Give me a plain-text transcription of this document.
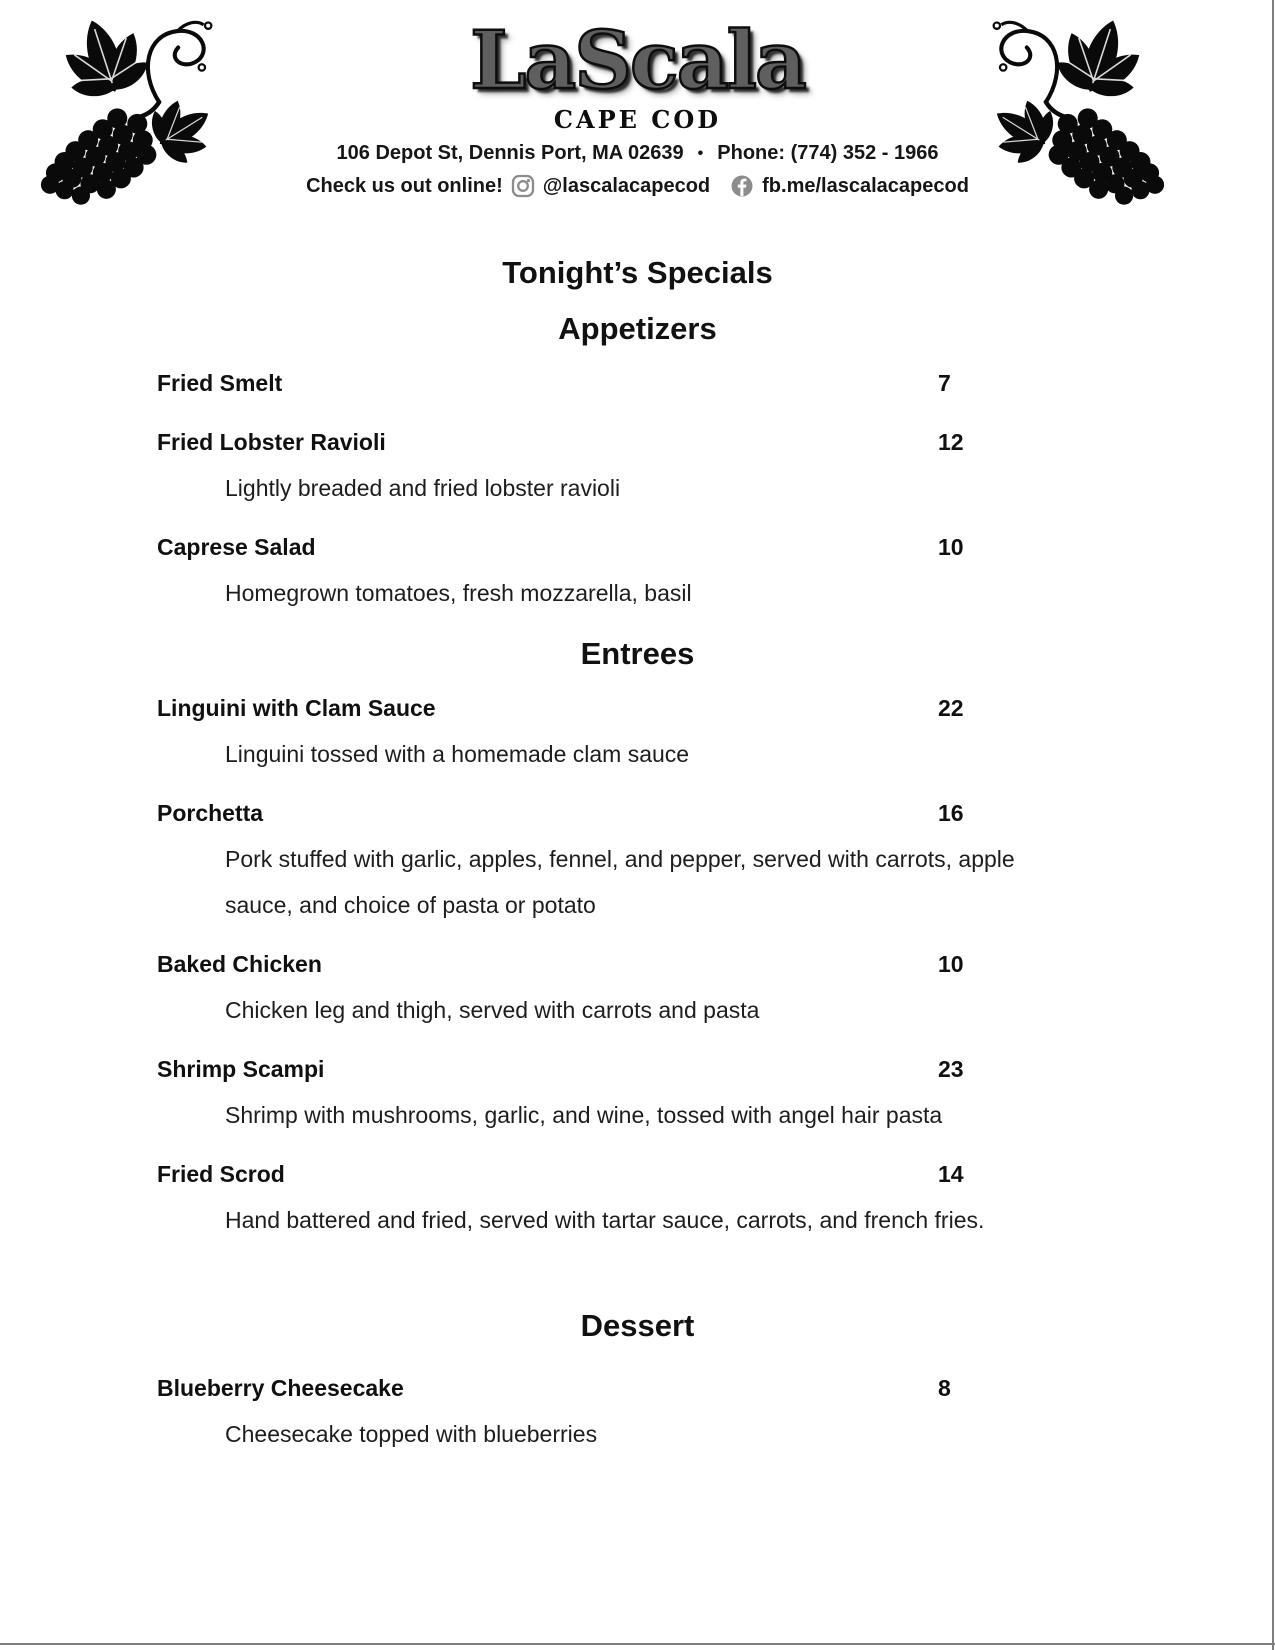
LaScala
CAPE COD
106 Depot St, Dennis Port, MA 02639 • Phone: (774) 352 - 1966
Check us out online! @lascalacapecod	fb.me/lascalacapecod
Tonight’s Specials
Appetizers
Fried Smelt	7
Fried Lobster Ravioli	12
Lightly breaded and fried lobster ravioli
Caprese Salad	10
Homegrown tomatoes, fresh mozzarella, basil
Entrees
Linguini with Clam Sauce	22
Linguini tossed with a homemade clam sauce
Porchetta	16
Pork stuffed with garlic, apples, fennel, and pepper, served with carrots, apple sauce, and choice of pasta or potato
Baked Chicken	10
Chicken leg and thigh, served with carrots and pasta
Shrimp Scampi	23
Shrimp with mushrooms, garlic, and wine, tossed with angel hair pasta
Fried Scrod	14
Hand battered and fried, served with tartar sauce, carrots, and french fries.
Dessert
Blueberry Cheesecake	8
Cheesecake topped with blueberries
